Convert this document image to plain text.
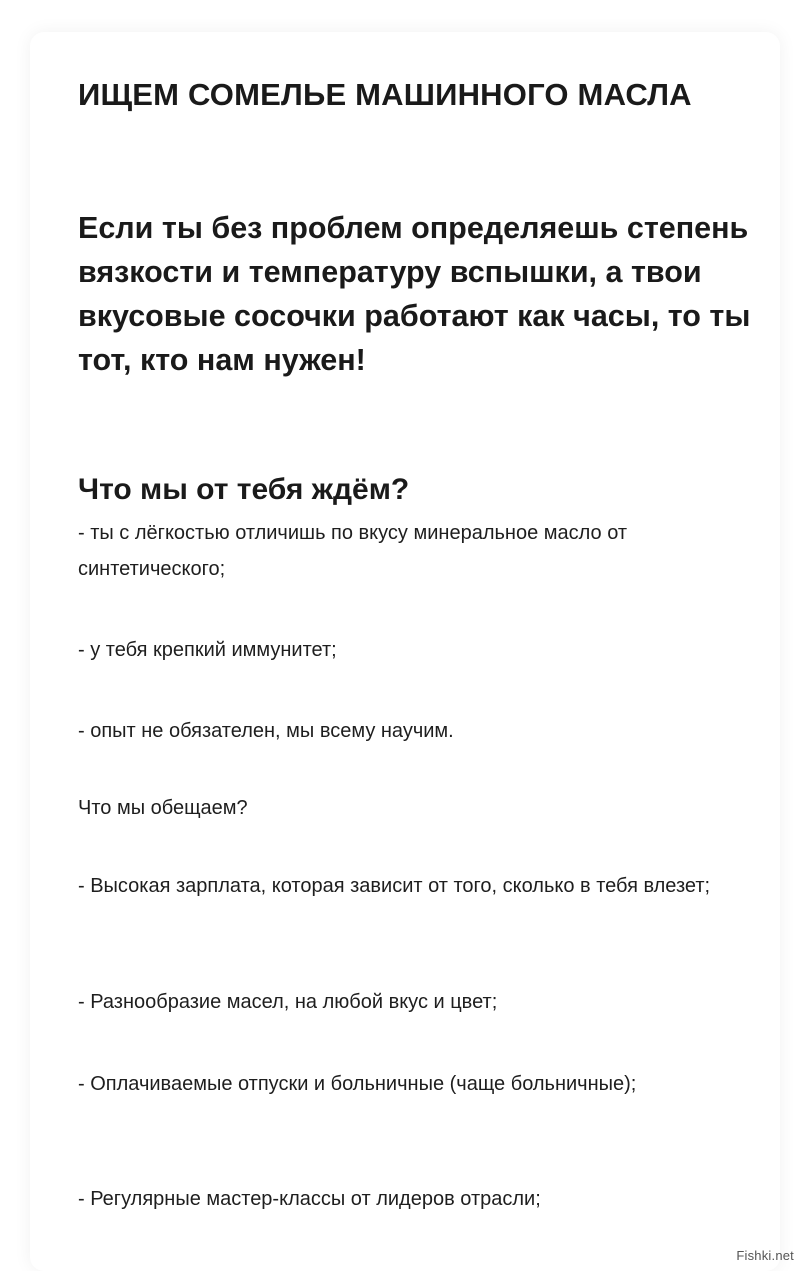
ИЩЕМ СОМЕЛЬЕ МАШИННОГО МАСЛА

Если ты без проблем определяешь степень вязкости и температуру вспышки, а твои вкусовые сосочки работают как часы, то ты тот, кто нам нужен!

Что мы от тебя ждём?

- ты с лёгкостью отличишь по вкусу минеральное масло от синтетического;

- у тебя крепкий иммунитет;

- опыт не обязателен, мы всему научим.

Что мы обещаем?

- Высокая зарплата, которая зависит от того, сколько в тебя влезет;

- Разнообразие масел, на любой вкус и цвет;

- Оплачиваемые отпуски и больничные (чаще больничные);

- Регулярные мастер-классы от лидеров отрасли;

Fishki.net
